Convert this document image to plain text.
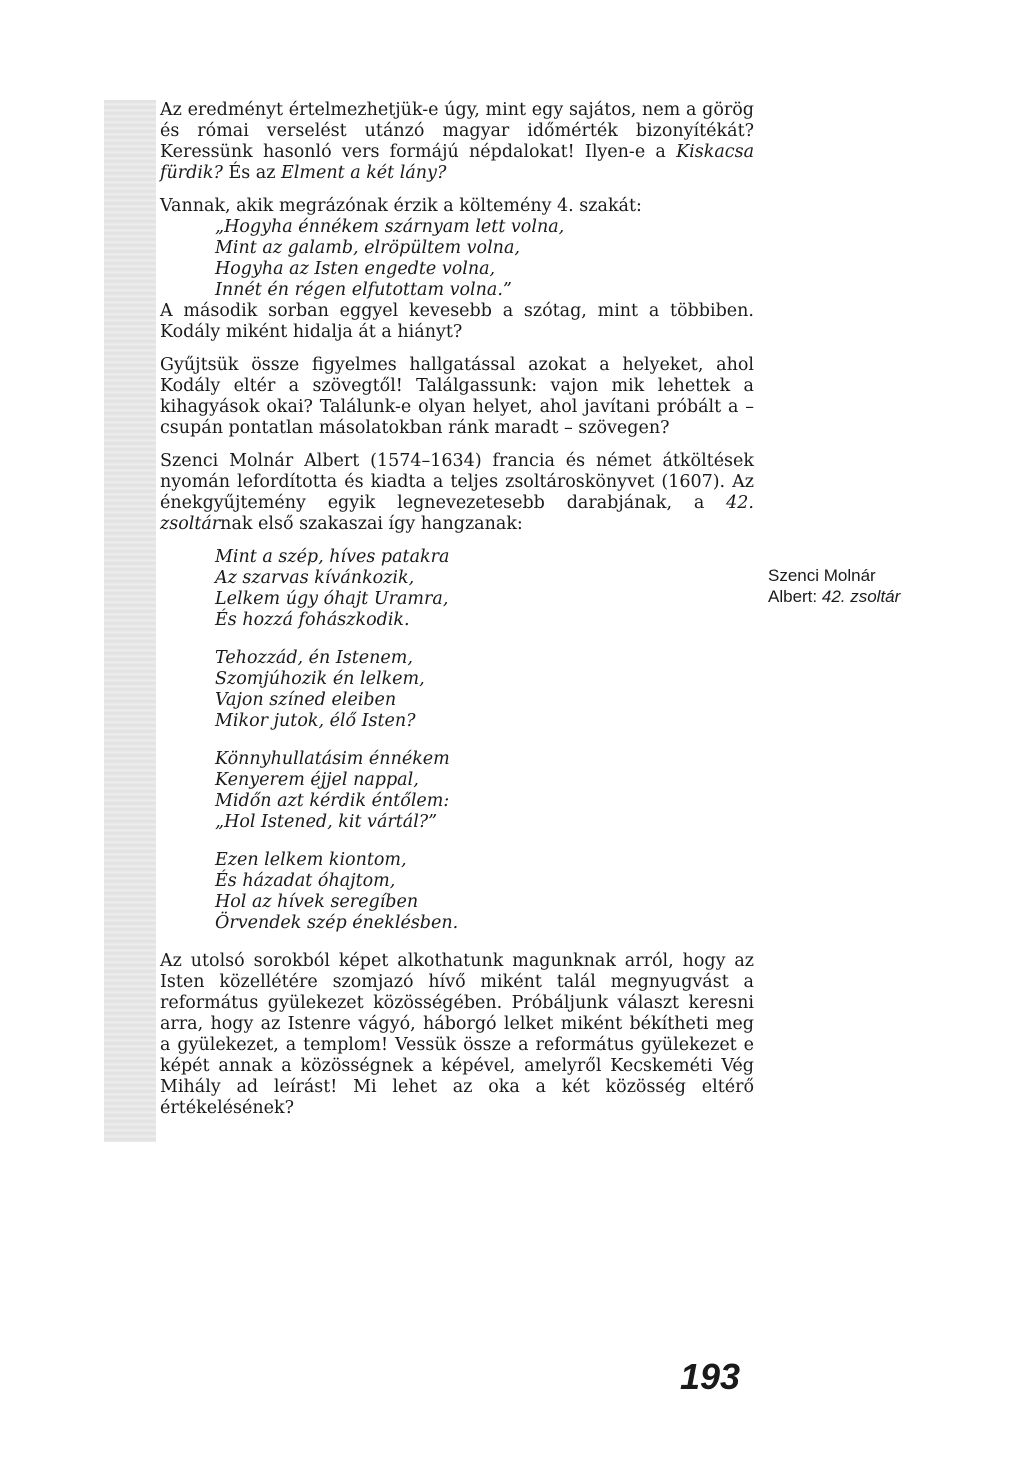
Az eredményt értelmezhetjük-e úgy, mint egy sajátos, nem a görög és római verselést utánzó magyar időmérték bizonyítékát? Keressünk hasonló vers formájú népdalokat! Ilyen-e a Kiskacsa fürdik? És az Elment a két lány?

Vannak, akik megrázónak érzik a költemény 4. szakát:
„Hogyha énnékem szárnyam lett volna,
Mint az galamb, elröpültem volna,
Hogyha az Isten engedte volna,
Innét én régen elfutottam volna.”

A második sorban eggyel kevesebb a szótag, mint a többiben. Kodály miként hidalja át a hiányt?

Gyűjtsük össze figyelmes hallgatással azokat a helyeket, ahol Kodály eltér a szövegtől! Találgassunk: vajon mik lehettek a kihagyások okai? Találunk-e olyan helyet, ahol javítani próbált a – csupán pontatlan másolatokban ránk maradt – szövegen?

Szenci Molnár Albert (1574–1634) francia és német átköltések nyomán lefordította és kiadta a teljes zsoltároskönyvet (1607). Az énekgyűjtemény egyik legnevezetesebb darabjának, a 42. zsoltárnak első szakaszai így hangzanak:

Mint a szép, híves patakra
Az szarvas kívánkozik,
Lelkem úgy óhajt Uramra,
És hozzá fohászkodik.
Tehozzád, én Istenem,
Szomjúhozik én lelkem,
Vajon színed eleiben
Mikor jutok, élő Isten?
Könnyhullatásim énnékem
Kenyerem éjjel nappal,
Midőn azt kérdik éntőlem:
„Hol Istened, kit vártál?”
Ezen lelkem kiontom,
És házadat óhajtom,
Hol az hívek seregíben
Örvendek szép éneklésben.

Az utolsó sorokból képet alkothatunk magunknak arról, hogy az Isten közellétére szomjazó hívő miként talál megnyugvást a református gyülekezet közösségében. Próbáljunk választ keresni arra, hogy az Istenre vágyó, háborgó lelket miként békítheti meg a gyülekezet, a templom! Vessük össze a református gyülekezet e képét annak a közösségnek a képével, amelyről Kecskeméti Vég Mihály ad leírást! Mi lehet az oka a két közösség eltérő értékelésének?

Szenci Molnár
Albert: 42. zsoltár
193
